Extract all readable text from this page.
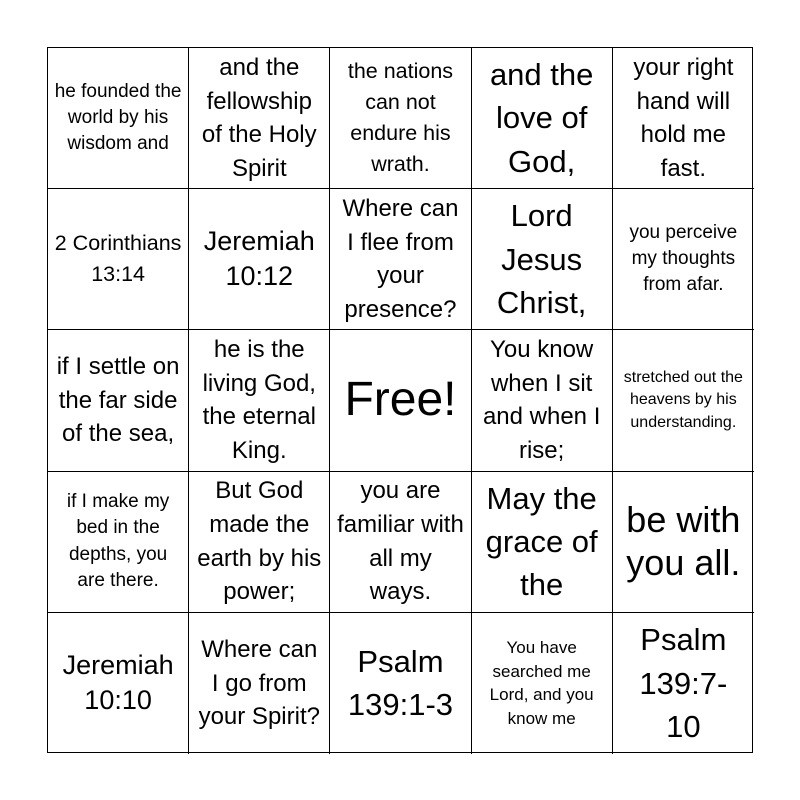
he founded the world by his wisdom and
and the fellowship of the Holy Spirit
the nations can not endure his wrath.
and the love of God,
your right hand will hold me fast.
2 Corinthians 13:14
Jeremiah 10:12
Where can I flee from your presence?
Lord Jesus Christ,
you perceive my thoughts from afar.
if I settle on the far side of the sea,
he is the living God, the eternal King.
Free!
You know when I sit and when I rise;
stretched out the heavens by his understanding.
if I make my bed in the depths, you are there.
But God made the earth by his power;
you are familiar with all my ways.
May the grace of the
be with you all.
Jeremiah 10:10
Where can I go from your Spirit?
Psalm 139:1-3
You have searched me Lord, and you know me
Psalm 139:7-10
